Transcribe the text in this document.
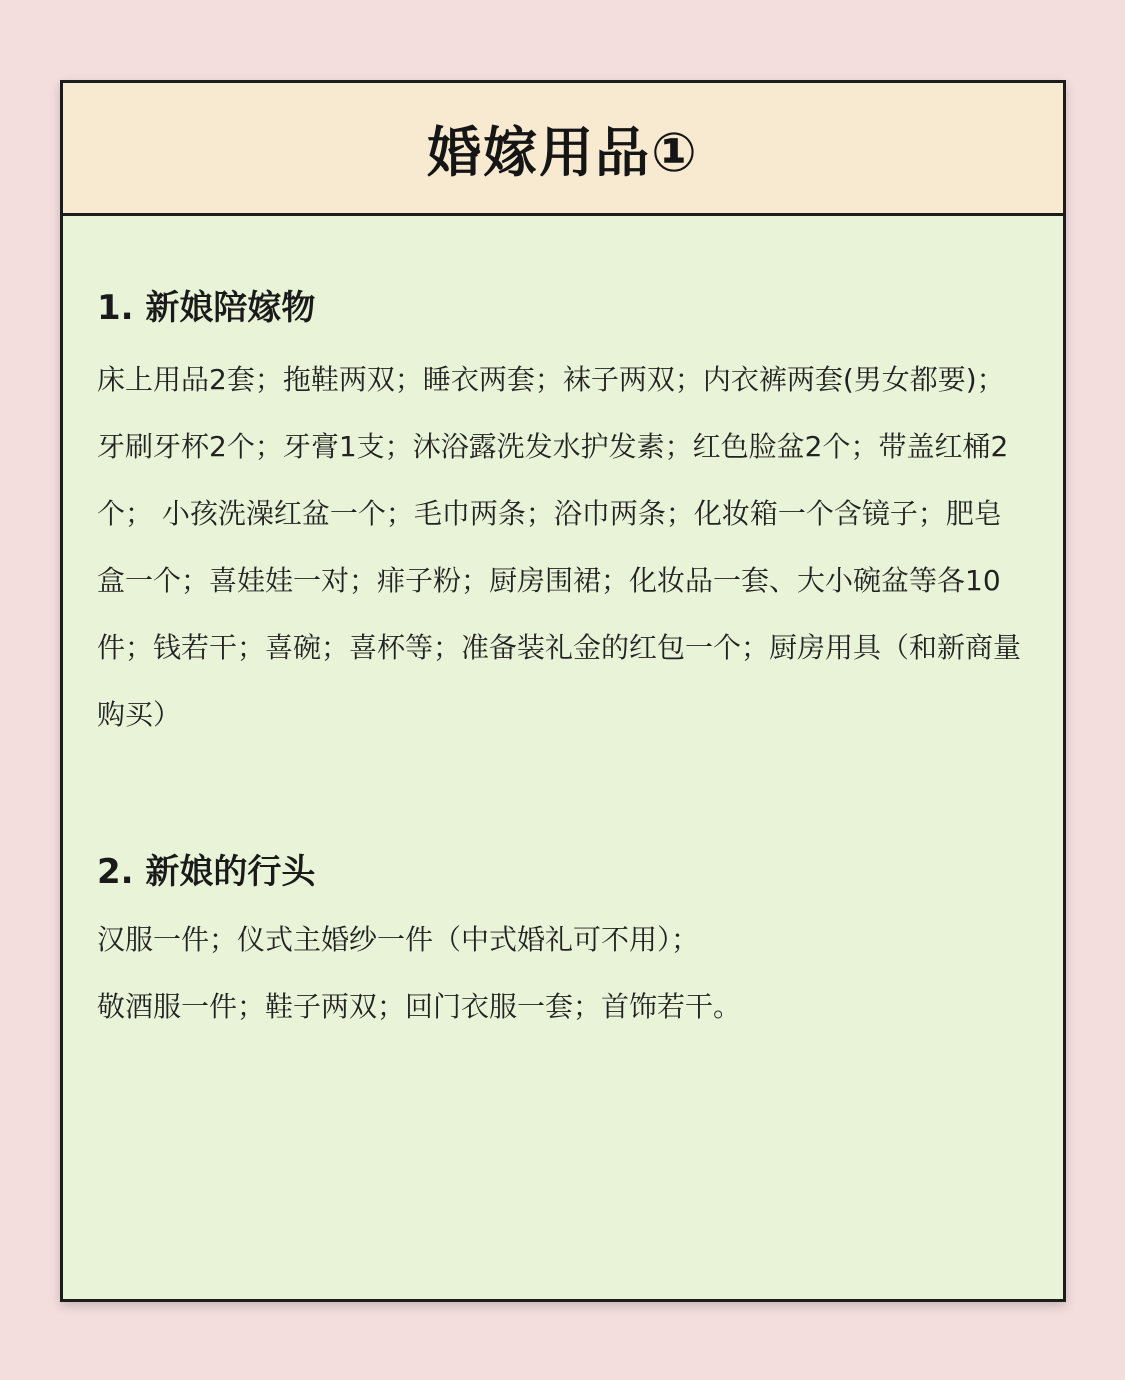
婚嫁用品①
1. 新娘陪嫁物
床上用品2套；拖鞋两双；睡衣两套；袜子两双；内衣裤两套(男女都要)；牙刷牙杯2个；牙膏1支；沐浴露洗发水护发素；红色脸盆2个；带盖红桶2个； 小孩洗澡红盆一个；毛巾两条；浴巾两条；化妆箱一个含镜子；肥皂盒一个；喜娃娃一对；痱子粉；厨房围裙；化妆品一套、大小碗盆等各10件；钱若干；喜碗；喜杯等；准备装礼金的红包一个；厨房用具（和新商量购买）
2. 新娘的行头
汉服一件；仪式主婚纱一件（中式婚礼可不用）；
敬酒服一件；鞋子两双；回门衣服一套；首饰若干。
